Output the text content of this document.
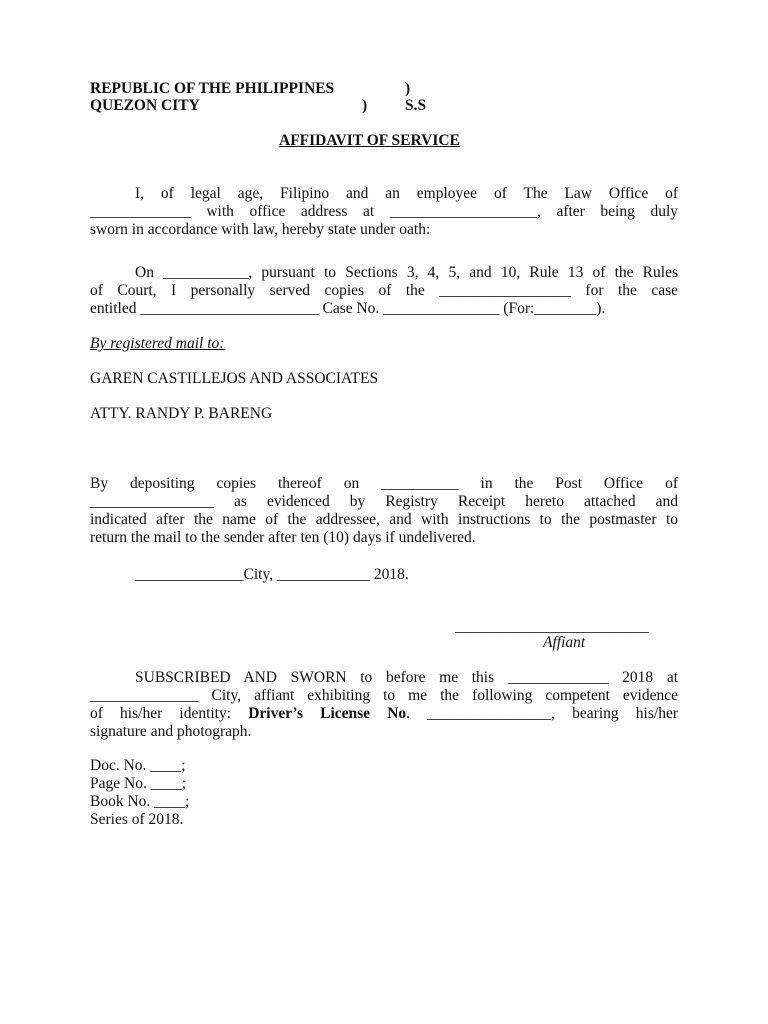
REPUBLIC OF THE PHILIPPINES	)
QUEZON CITY	) S.S
AFFIDAVIT OF SERVICE
I, of legal age, Filipino and an employee of The Law Office of
_____________ with office address at ___________________, after being duly
sworn in accordance with law, hereby state under oath:
On ___________, pursuant to Sections 3, 4, 5, and 10, Rule 13 of the Rules
of Court, I personally served copies of the _________________ for the case
entitled _______________________ Case No. _______________ (For:________).
By registered mail to:
GAREN CASTILLEJOS AND ASSOCIATES
ATTY. RANDY P. BARENG
By depositing copies thereof on __________ in the Post Office of
________________ as evidenced by Registry Receipt hereto attached and
indicated after the name of the addressee, and with instructions to the postmaster to
return the mail to the sender after ten (10) days if undelivered.
______________City, ____________ 2018.
_________________________
Affiant
SUBSCRIBED AND SWORN to before me this _____________ 2018 at
______________ City, affiant exhibiting to me the following competent evidence
of his/her identity: Driver’s License No. ________________, bearing his/her
signature and photograph.
Doc. No. ____;
Page No. ____;
Book No. ____;
Series of 2018.
